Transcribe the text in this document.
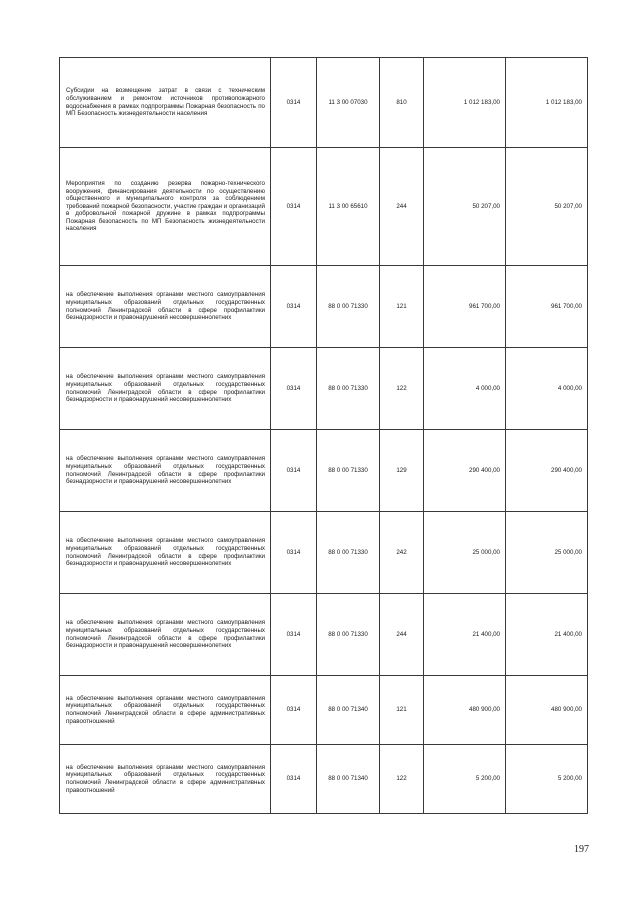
Субсидии на возмещение затрат в связи с техническим обслуживанием и ремонтом источников противопожарного водоснабжения в рамках подпрограммы Пожарная безопасность по МП Безопасность жизнедеятельности населения	0314	11 3 00 07030	810	1 012 183,00	1 012 183,00

Мероприятия по созданию резерва пожарно-технического вооружения, финансирования деятельности по осуществлению общественного и муниципального контроля за соблюдением требований пожарной безопасности, участие граждан и организаций в добровольной пожарной дружине в рамках подпрограммы Пожарная безопасность по МП Безопасность жизнедеятельности населения	0314	11 3 00 65610	244	50 207,00	50 207,00

на обеспечение выполнения органами местного самоуправления муниципальных образований отдельных государственных полномочий Ленинградской области в сфере профилактики безнадзорности и правонарушений несовершеннолетних	0314	88 0 00 71330	121	961 700,00	961 700,00

на обеспечение выполнения органами местного самоуправления муниципальных образований отдельных государственных полномочий Ленинградской области в сфере профилактики безнадзорности и правонарушений несовершеннолетних	0314	88 0 00 71330	122	4 000,00	4 000,00

на обеспечение выполнения органами местного самоуправления муниципальных образований отдельных государственных полномочий Ленинградской области в сфере профилактики безнадзорности и правонарушений несовершеннолетних	0314	88 0 00 71330	129	290 400,00	290 400,00

на обеспечение выполнения органами местного самоуправления муниципальных образований отдельных государственных полномочий Ленинградской области в сфере профилактики безнадзорности и правонарушений несовершеннолетних	0314	88 0 00 71330	242	25 000,00	25 000,00

на обеспечение выполнения органами местного самоуправления муниципальных образований отдельных государственных полномочий Ленинградской области в сфере профилактики безнадзорности и правонарушений несовершеннолетних	0314	88 0 00 71330	244	21 400,00	21 400,00

на обеспечение выполнения органами местного самоуправления муниципальных образований отдельных государственных полномочий Ленинградской области в сфере административных правоотношений	0314	88 0 00 71340	121	480 900,00	480 900,00

на обеспечение выполнения органами местного самоуправления муниципальных образований отдельных государственных полномочий Ленинградской области в сфере административных правоотношений	0314	88 0 00 71340	122	5 200,00	5 200,00
197
